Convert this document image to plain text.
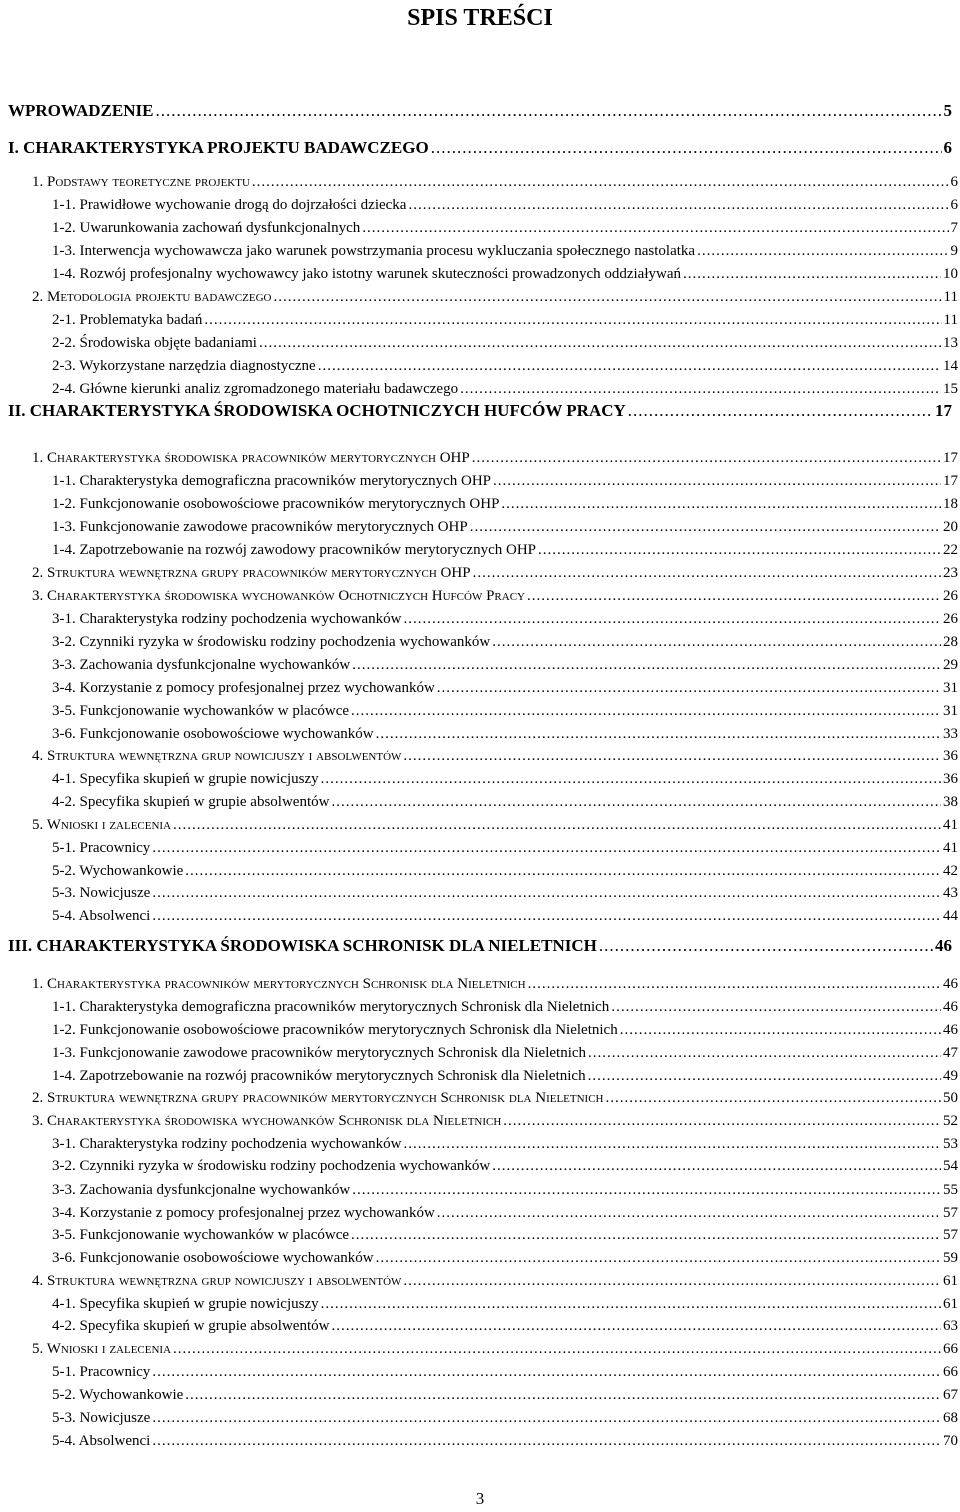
SPIS TREŚCI
WPROWADZENIE .....	5
I. CHARAKTERYSTYKA PROJEKTU BADAWCZEGO .....	6
1. Podstawy teoretyczne projektu .....	6
1-1. Prawidłowe wychowanie drogą do dojrzałości dziecka .....	6
1-2. Uwarunkowania zachowań dysfunkcjonalnych .....	7
1-3. Interwencja wychowawcza jako warunek powstrzymania procesu wykluczania społecznego nastolatka .....	9
1-4. Rozwój profesjonalny wychowawcy jako istotny warunek skuteczności prowadzonych oddziaływań .....	10
2. Metodologia projektu badawczego .....	11
2-1. Problematyka badań .....	11
2-2. Środowiska objęte badaniami .....	13
2-3. Wykorzystane narzędzia diagnostyczne .....	14
2-4. Główne kierunki analiz zgromadzonego materiału badawczego .....	15
II. CHARAKTERYSTYKA ŚRODOWISKA OCHOTNICZYCH HUFCÓW PRACY .....	17
1. Charakterystyka środowiska pracowników merytorycznych OHP .....	17
1-1. Charakterystyka demograficzna pracowników merytorycznych OHP .....	17
1-2. Funkcjonowanie osobowościowe pracowników merytorycznych OHP .....	18
1-3. Funkcjonowanie zawodowe pracowników merytorycznych OHP .....	20
1-4. Zapotrzebowanie na rozwój zawodowy pracowników merytorycznych OHP .....	22
2. Struktura wewnętrzna grupy pracowników merytorycznych OHP .....	23
3. Charakterystyka środowiska wychowanków Ochotniczych Hufców Pracy .....	26
3-1. Charakterystyka rodziny pochodzenia wychowanków .....	26
3-2. Czynniki ryzyka w środowisku rodziny pochodzenia wychowanków .....	28
3-3. Zachowania dysfunkcjonalne wychowanków .....	29
3-4. Korzystanie z pomocy profesjonalnej przez wychowanków .....	31
3-5. Funkcjonowanie wychowanków w placówce .....	31
3-6. Funkcjonowanie osobowościowe wychowanków .....	33
4. Struktura wewnętrzna grup nowicjuszy i absolwentów .....	36
4-1. Specyfika skupień w grupie nowicjuszy .....	36
4-2. Specyfika skupień w grupie absolwentów .....	38
5. Wnioski i zalecenia .....	41
5-1. Pracownicy .....	41
5-2. Wychowankowie .....	42
5-3. Nowicjusze .....	43
5-4. Absolwenci .....	44
III. CHARAKTERYSTYKA ŚRODOWISKA SCHRONISK DLA NIELETNICH .....	46
1. Charakterystyka pracowników merytorycznych Schronisk dla Nieletnich .....	46
1-1. Charakterystyka demograficzna pracowników merytorycznych Schronisk dla Nieletnich .....	46
1-2. Funkcjonowanie osobowościowe pracowników merytorycznych Schronisk dla Nieletnich .....	46
1-3. Funkcjonowanie zawodowe pracowników merytorycznych Schronisk dla Nieletnich .....	47
1-4. Zapotrzebowanie na rozwój pracowników merytorycznych Schronisk dla Nieletnich .....	49
2. Struktura wewnętrzna grupy pracowników merytorycznych Schronisk dla Nieletnich .....	50
3. Charakterystyka środowiska wychowanków Schronisk dla Nieletnich .....	52
3-1. Charakterystyka rodziny pochodzenia wychowanków .....	53
3-2. Czynniki ryzyka w środowisku rodziny pochodzenia wychowanków .....	54
3-3. Zachowania dysfunkcjonalne wychowanków .....	55
3-4. Korzystanie z pomocy profesjonalnej przez wychowanków .....	57
3-5. Funkcjonowanie wychowanków w placówce .....	57
3-6. Funkcjonowanie osobowościowe wychowanków .....	59
4. Struktura wewnętrzna grup nowicjuszy i absolwentów .....	61
4-1. Specyfika skupień w grupie nowicjuszy .....	61
4-2. Specyfika skupień w grupie absolwentów .....	63
5. Wnioski i zalecenia .....	66
5-1. Pracownicy .....	66
5-2. Wychowankowie .....	67
5-3. Nowicjusze .....	68
5-4. Absolwenci .....	70
3
